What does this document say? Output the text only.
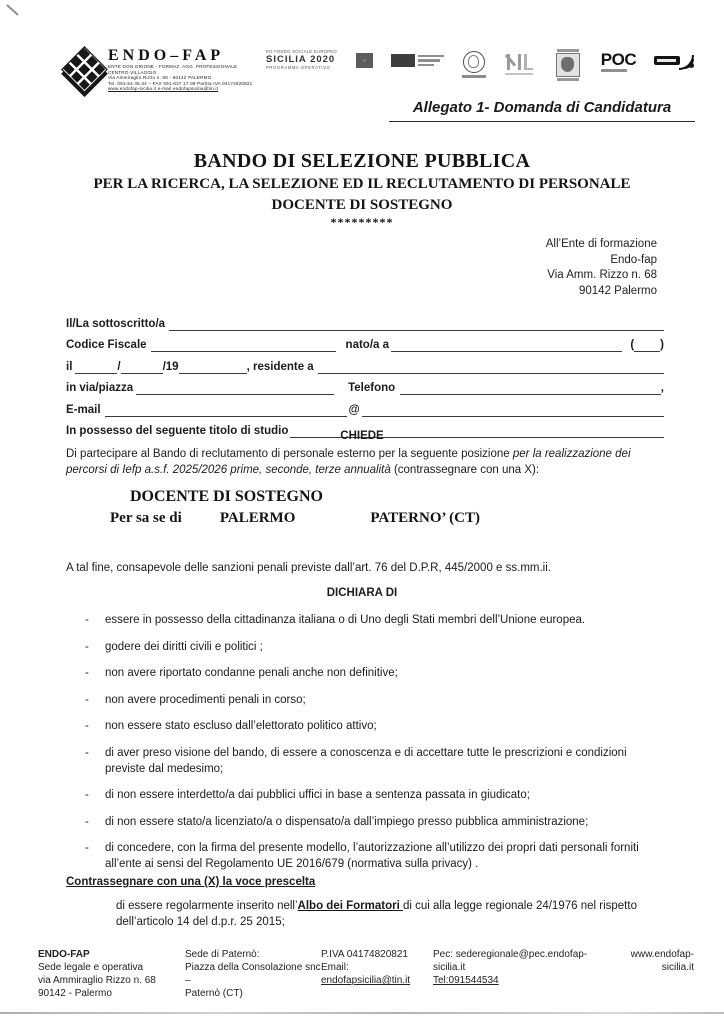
ENDO–FAP
ENTE DON ORIONE - FORMAZ. AGG. PROFESSIONALE
CENTRO VILLAGGIO
Via Ammiraglio Rizzo n. 68 - 90142 PALERMO
Tel. 091-54.45.34 – FAX 091-637.17.09 Partita IVA 04174820821
www.endofap-sicilia.it e-mail endofapsicilia@tin.it
PO FONDO SOCIALE EUROPEO
SICILIA 2020
PROGRAMMA OPERATIVO	POC
Allegato 1- Domanda di Candidatura
BANDO DI SELEZIONE PUBBLICA
PER LA RICERCA, LA SELEZIONE ED IL RECLUTAMENTO DI PERSONALE
DOCENTE DI SOSTEGNO
*********
All’Ente di formazione
Endo-fap
Via Amm. Rizzo n. 68
90142 Palermo
Il/La sottoscritto/a
Codice Fiscale	nato/a a	( )
il	/	/19	, residente a
in via/piazza	Telefono	,
E-mail	@
In possesso del seguente titolo di studio	CHIEDE
Di partecipare al Bando di reclutamento di personale esterno per la seguente posizione per la realizzazione dei percorsi di Iefp a.s.f. 2025/2026 prime, seconde, terze annualità (contrassegnare con una X):
DOCENTE DI SOSTEGNO
Per sa se di	PALERMO	PATERNO’ (CT)
A tal fine, consapevole delle sanzioni penali previste dall’art. 76 del D.P.R, 445/2000 e ss.mm.ii.
DICHIARA DI
-	essere in possesso della cittadinanza italiana o di Uno degli Stati membri dell’Unione europea.
-	godere dei diritti civili e politici ;
-	non avere riportato condanne penali anche non definitive;
-	non avere procedimenti penali in corso;
-	non essere stato escluso dall’elettorato politico attivo;
-	di aver preso visione del bando, di essere a conoscenza e di accettare tutte le prescrizioni e condizioni previste dal medesimo;
-	di non essere interdetto/a dai pubblici uffici in base a sentenza passata in giudicato;
-	di non essere stato/a licenziato/a o dispensato/a dall’impiego presso pubblica amministrazione;
-	di concedere, con la firma del presente modello, l’autorizzazione all’utilizzo dei propri dati personali forniti all’ente ai sensi del Regolamento UE 2016/679 (normativa sulla privacy) .
Contrassegnare con una (X) la voce prescelta
di essere regolarmente inserito nell’Albo dei Formatori di cui alla legge regionale 24/1976 nel rispetto dell’articolo 14 del d.p.r. 25 2015;
ENDO-FAP
Sede legale e operativa
via Ammiraglio Rizzo n. 68
90142 - Palermo
Sede di Paternò:
Piazza della Consolazione snc –
Paternò (CT)
P.IVA 04174820821
Email: endofapsicilia@tin.it
Pec: sederegionale@pec.endofap-sicilia.it
Tel:091544534
www.endofap-sicilia.it
